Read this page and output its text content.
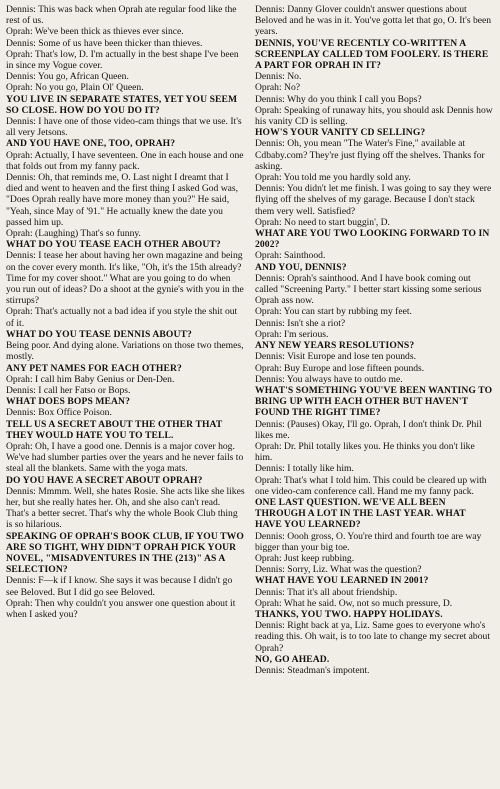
Dennis: This was back when Oprah ate regular food like the rest of us.

Oprah: We've been thick as thieves ever since.

Dennis: Some of us have been thicker than thieves.

Oprah: That's low, D. I'm actually in the best shape I've been in since my Vogue cover.

Dennis: You go, African Queen.

Oprah: No you go, Plain Ol' Queen.

YOU LIVE IN SEPARATE STATES, YET YOU SEEM SO CLOSE. HOW DO YOU DO IT?

Dennis: I have one of those video-cam things that we use. It's all very Jetsons.

AND YOU HAVE ONE, TOO, OPRAH?

Oprah: Actually, I have seventeen. One in each house and one that folds out from my fanny pack.

Dennis: Oh, that reminds me, O. Last night I dreamt that I died and went to heaven and the first thing I asked God was, "Does Oprah really have more money than you?" He said, "Yeah, since May of '91." He actually knew the date you passed him up.

Oprah: (Laughing) That's so funny.

WHAT DO YOU TEASE EACH OTHER ABOUT?

Dennis: I tease her about having her own magazine and being on the cover every month. It's like, "Oh, it's the 15th already? Time for my cover shoot." What are you going to do when you run out of ideas? Do a shoot at the gynie's with you in the stirrups?

Oprah: That's actually not a bad idea if you style the shit out of it.

WHAT DO YOU TEASE DENNIS ABOUT?

Being poor. And dying alone. Variations on those two themes, mostly.

ANY PET NAMES FOR EACH OTHER?

Oprah: I call him Baby Genius or Den-Den.

Dennis: I call her Fatso or Bops.

WHAT DOES BOPS MEAN?

Dennis: Box Office Poison.

TELL US A SECRET ABOUT THE OTHER THAT THEY WOULD HATE YOU TO TELL.

Oprah: Oh, I have a good one. Dennis is a major cover hog. We've had slumber parties over the years and he never fails to steal all the blankets. Same with the yoga mats.

DO YOU HAVE A SECRET ABOUT OPRAH?

Dennis: Mmmm. Well, she hates Rosie. She acts like she likes her, but she really hates her. Oh, and she also can't read. That's a better secret. That's why the whole Book Club thing is so hilarious.

SPEAKING OF OPRAH'S BOOK CLUB, IF YOU TWO ARE SO TIGHT, WHY DIDN'T OPRAH PICK YOUR NOVEL, "MISADVENTURES IN THE (213)" AS A SELECTION?

Dennis: F—k if I know. She says it was because I didn't go see Beloved. But I did go see Beloved.

Oprah: Then why couldn't you answer one question about it when I asked you?

Dennis: Danny Glover couldn't answer questions about Beloved and he was in it. You've gotta let that go, O. It's been years.

DENNIS, YOU'VE RECENTLY CO-WRITTEN A SCREENPLAY CALLED TOM FOOLERY. IS THERE A PART FOR OPRAH IN IT?

Dennis: No.

Oprah: No?

Dennis: Why do you think I call you Bops?

Oprah: Speaking of runaway hits, you should ask Dennis how his vanity CD is selling.

HOW'S YOUR VANITY CD SELLING?

Dennis: Oh, you mean "The Water's Fine," available at Cdbaby.com? They're just flying off the shelves. Thanks for asking.

Oprah: You told me you hardly sold any.

Dennis: You didn't let me finish. I was going to say they were flying off the shelves of my garage. Because I don't stack them very well. Satisfied?

Oprah: No need to start buggin', D.

WHAT ARE YOU TWO LOOKING FORWARD TO IN 2002?

Oprah: Sainthood.

AND YOU, DENNIS?

Dennis: Oprah's sainthood. And I have book coming out called "Screening Party." I better start kissing some serious Oprah ass now.

Oprah: You can start by rubbing my feet.

Dennis: Isn't she a riot?

Oprah: I'm serious.

ANY NEW YEARS RESOLUTIONS?

Dennis: Visit Europe and lose ten pounds.

Oprah: Buy Europe and lose fifteen pounds.

Dennis: You always have to outdo me.

WHAT'S SOMETHING YOU'VE BEEN WANTING TO BRING UP WITH EACH OTHER BUT HAVEN'T FOUND THE RIGHT TIME?

Dennis: (Pauses) Okay, I'll go. Oprah, I don't think Dr. Phil likes me.

Oprah: Dr. Phil totally likes you. He thinks you don't like him.

Dennis: I totally like him.

Oprah: That's what I told him. This could be cleared up with one video-cam conference call. Hand me my fanny pack.

ONE LAST QUESTION. WE'VE ALL BEEN THROUGH A LOT IN THE LAST YEAR. WHAT HAVE YOU LEARNED?

Dennis: Oooh gross, O. You're third and fourth toe are way bigger than your big toe.

Oprah: Just keep rubbing.

Dennis: Sorry, Liz. What was the question?

WHAT HAVE YOU LEARNED IN 2001?

Dennis: That it's all about friendship.

Oprah: What he said. Ow, not so much pressure, D.

THANKS, YOU TWO. HAPPY HOLIDAYS.

Dennis: Right back at ya, Liz. Same goes to everyone who's reading this. Oh wait, is to too late to change my secret about Oprah?

NO, GO AHEAD.

Dennis: Steadman's impotent.
